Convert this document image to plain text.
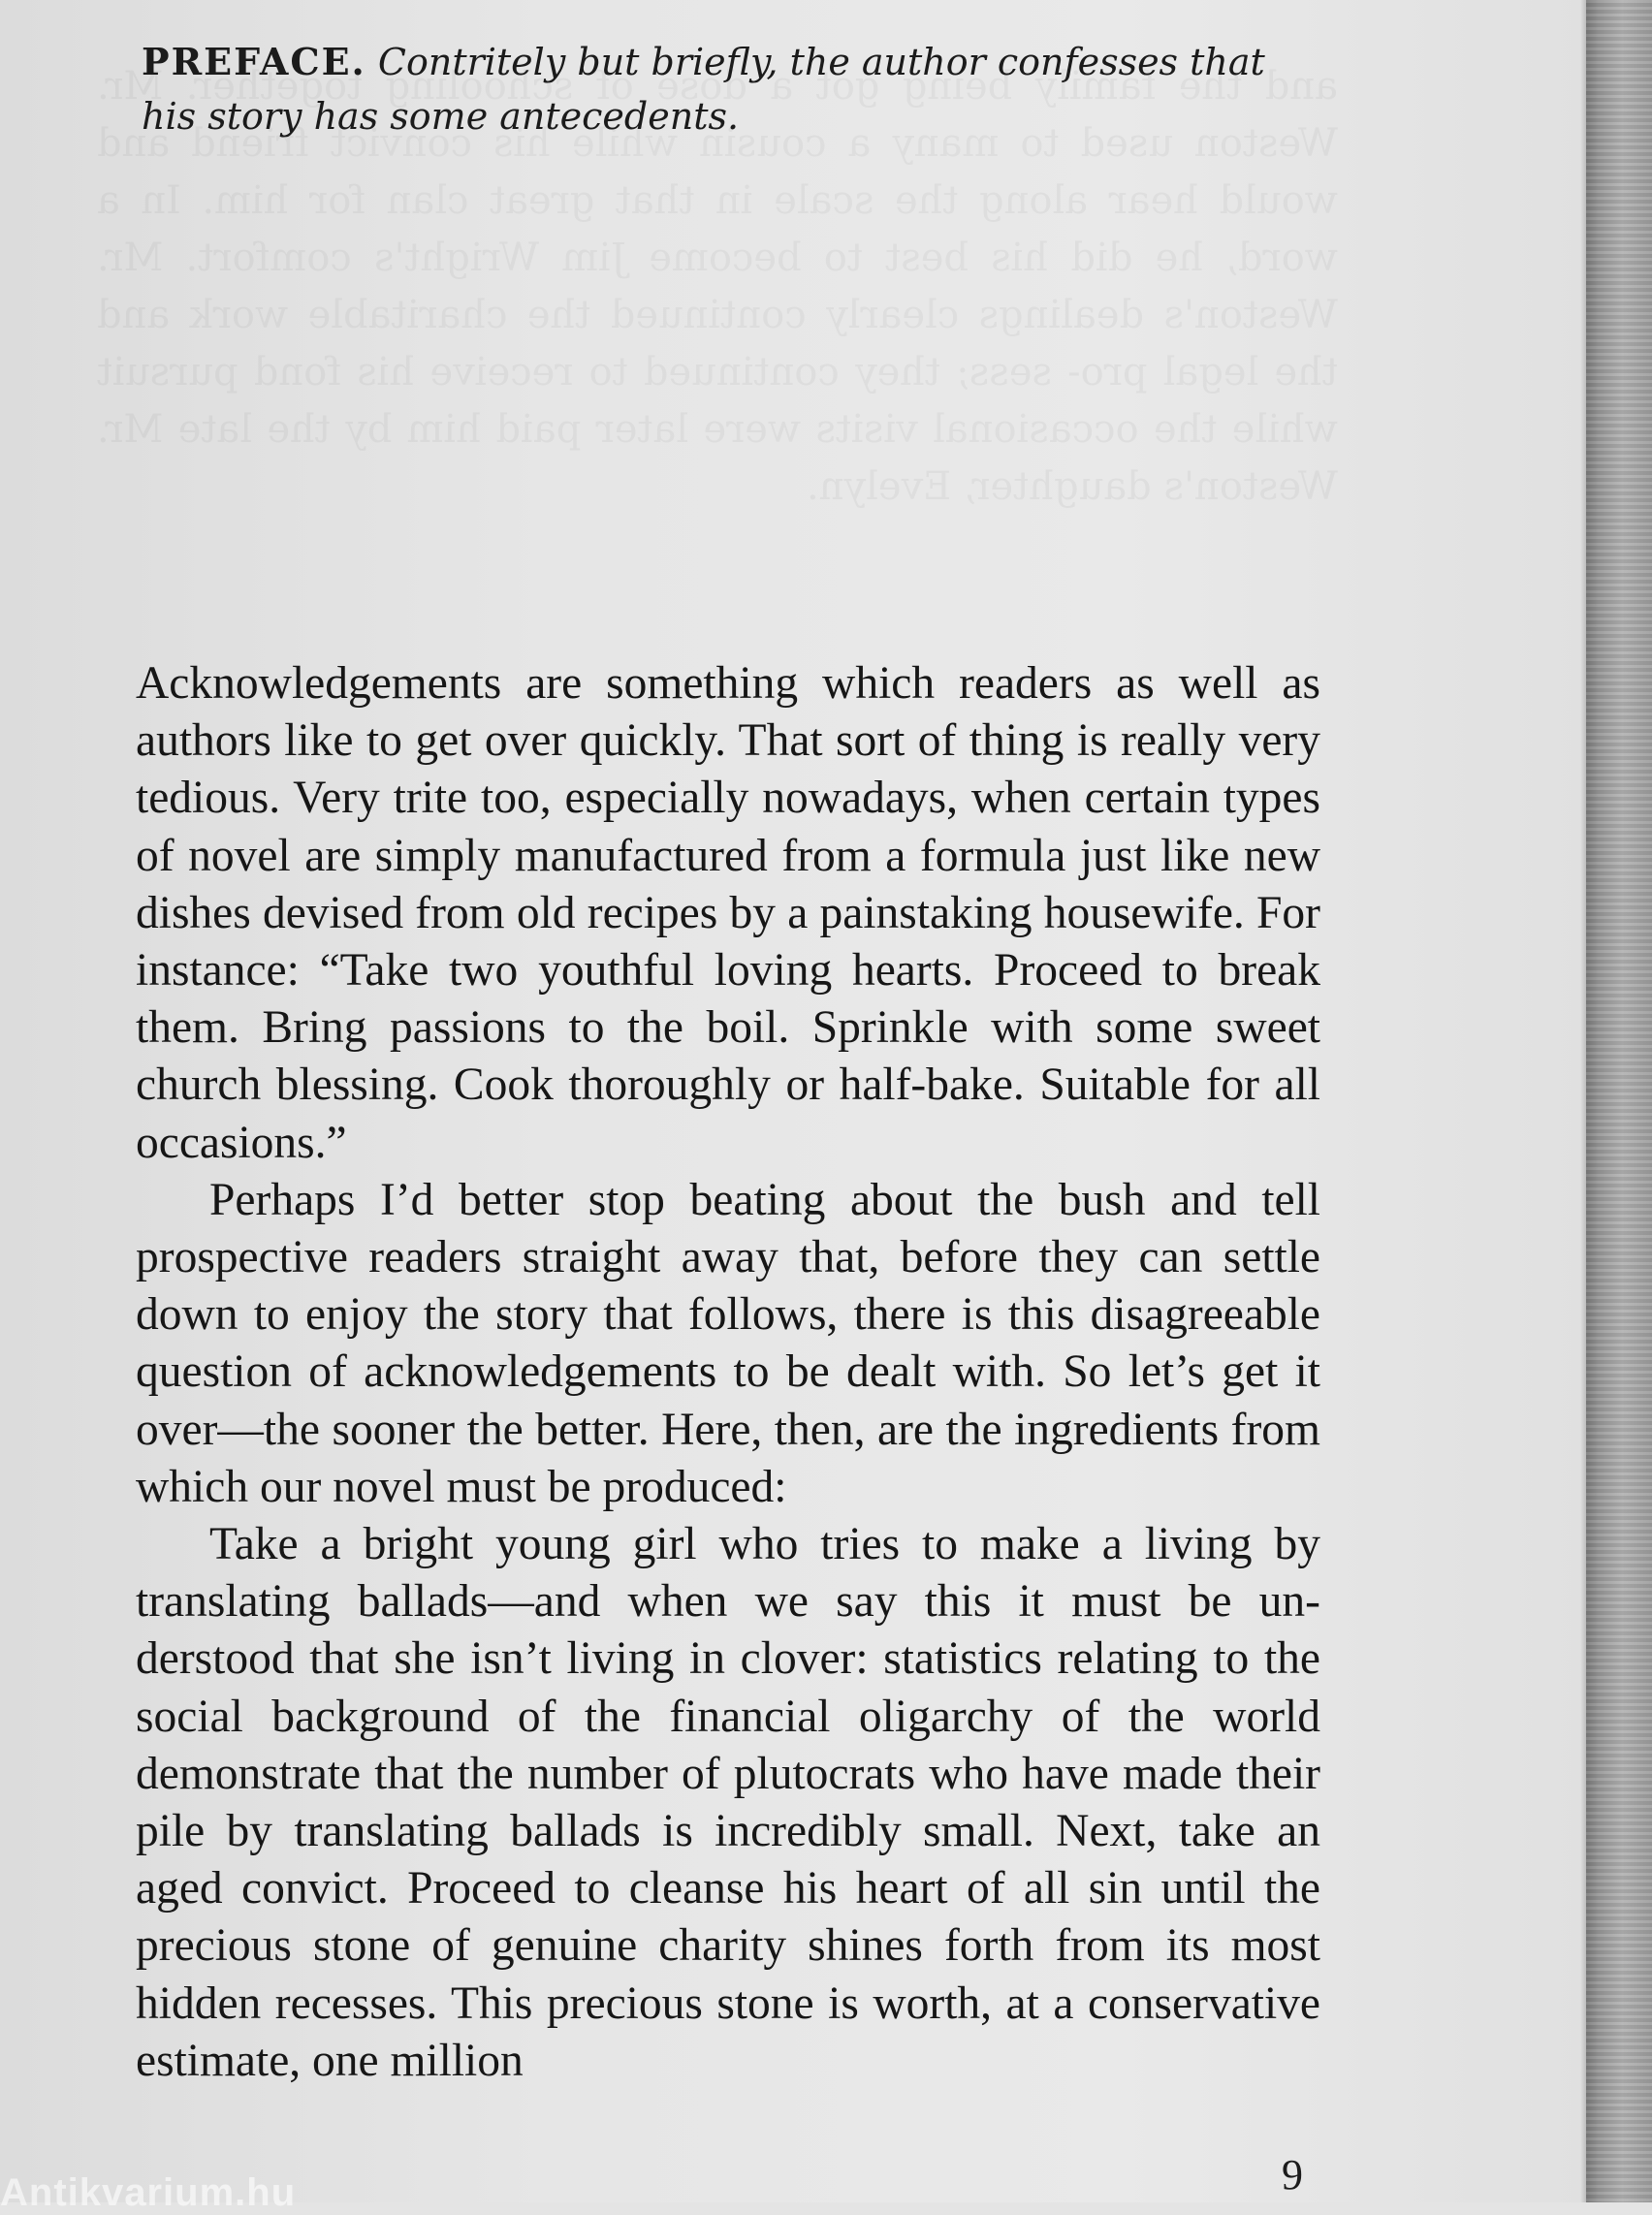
PREFACE. Contritely but briefly, the author confesses that his story has some antecedents.

Acknowledgements are something which readers as well as authors like to get over quickly. That sort of thing is really very tedious. Very trite too, especially nowadays, when certain types of novel are simply manufactured from a formula just like new dishes devised from old recipes by a painstaking housewife. For instance: “Take two youthful loving hearts. Proceed to break them. Bring passions to the boil. Sprinkle with some sweet church blessing. Cook thoroughly or half-bake. Suitable for all occasions.”

Perhaps I’d better stop beating about the bush and tell prospective readers straight away that, before they can settle down to enjoy the story that follows, there is this disagreeable question of acknowledgements to be dealt with. So let’s get it over—the sooner the better. Here, then, are the ingredients from which our novel must be produced:

Take a bright young girl who tries to make a living by translating ballads—and when we say this it must be understood that she isn’t living in clover: statistics relating to the social background of the financial oligarchy of the world demonstrate that the number of plutocrats who have made their pile by translating ballads is incredibly small. Next, take an aged convict. Proceed to cleanse his heart of all sin until the precious stone of genuine charity shines forth from its most hidden recesses. This precious stone is worth, at a conservative estimate, one million

9
Antikvarium.hu
